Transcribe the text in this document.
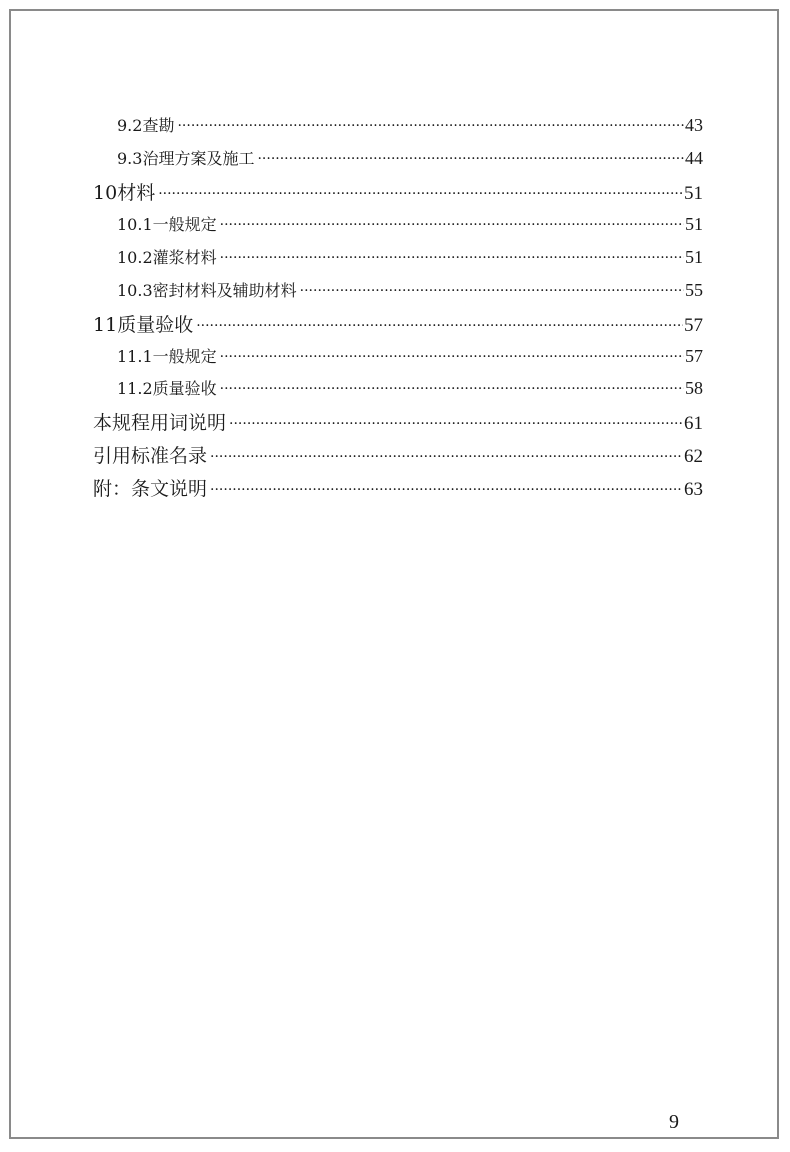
9.2 查勘 ·····	43
9.3 治理方案及施工 ·····	44
10 材料 ·····	51
10.1 一般规定 ·····	51
10.2 灌浆材料 ·····	51
10.3 密封材料及辅助材料 ·····	55
11 质量验收 ·····	57
11.1 一般规定 ·····	57
11.2 质量验收 ·····	58
本规程用词说明 ·····	61
引用标准名录 ·····	62
附：条文说明 ·····	63
9
